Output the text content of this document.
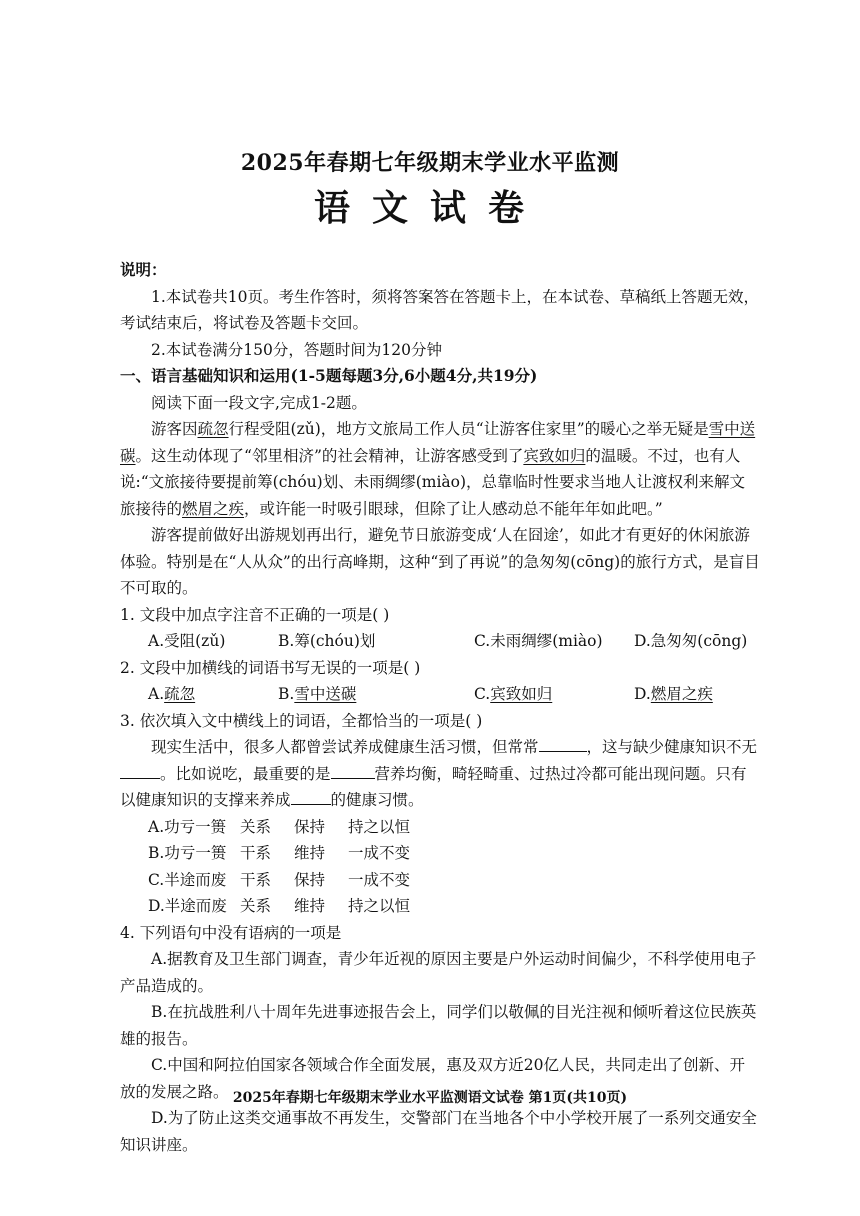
2025年春期七年级期末学业水平监测
语文试卷

说明：

1.本试卷共10页。考生作答时，须将答案答在答题卡上，在本试卷、草稿纸上答题无效，考试结束后，将试卷及答题卡交回。

2.本试卷满分150分，答题时间为120分钟

一、语言基础知识和运用(1-5题每题3分,6小题4分,共19分)

阅读下面一段文字,完成1-2题。

游客因疏忽行程受阻(zǔ)，地方文旅局工作人员“让游客住家里”的暖心之举无疑是雪中送碳。这生动体现了“邻里相济”的社会精神，让游客感受到了宾致如归的温暖。不过，也有人说:“文旅接待要提前筹(chóu)划、未雨绸缪(miào)，总靠临时性要求当地人让渡权利来解文旅接待的燃眉之疾，或许能一时吸引眼球，但除了让人感动总不能年年如此吧。”

游客提前做好出游规划再出行，避免节日旅游变成‘人在囧途’，如此才有更好的休闲旅游体验。特别是在“人从众”的出行高峰期，这种“到了再说”的急匆匆(cōng)的旅行方式，是盲目不可取的。

1. 文段中加点字注音不正确的一项是( )

A.受阻(zǔ)	B.筹(chóu)划	C.未雨绸缪(miào)	D.急匆匆(cōng)

2. 文段中加横线的词语书写无误的一项是( )

A.疏忽	B.雪中送碳	C.宾致如归	D.燃眉之疾

3. 依次填入文中横线上的词语，全都恰当的一项是( )

现实生活中，很多人都曾尝试养成健康生活习惯，但常常	，这与缺少健康知识不无。比如说吃，最重要的是	营养均衡，畸轻畸重、过热过冷都可能出现问题。只有以健康知识的支撑来养成	的健康习惯。

A.功亏一篑 关系	保持	持之以恒
B.功亏一篑 干系	维持	一成不变
C.半途而废 干系	保持	一成不变
D.半途而废 关系	维持	持之以恒

4. 下列语句中没有语病的一项是

A.据教育及卫生部门调查，青少年近视的原因主要是户外运动时间偏少，不科学使用电子产品造成的。

B.在抗战胜利八十周年先进事迹报告会上，同学们以敬佩的目光注视和倾听着这位民族英雄的报告。

C.中国和阿拉伯国家各领域合作全面发展，惠及双方近20亿人民，共同走出了创新、开放的发展之路。

D.为了防止这类交通事故不再发生，交警部门在当地各个中小学校开展了一系列交通安全知识讲座。

2025年春期七年级期末学业水平监测语文试卷 第1页(共10页)
